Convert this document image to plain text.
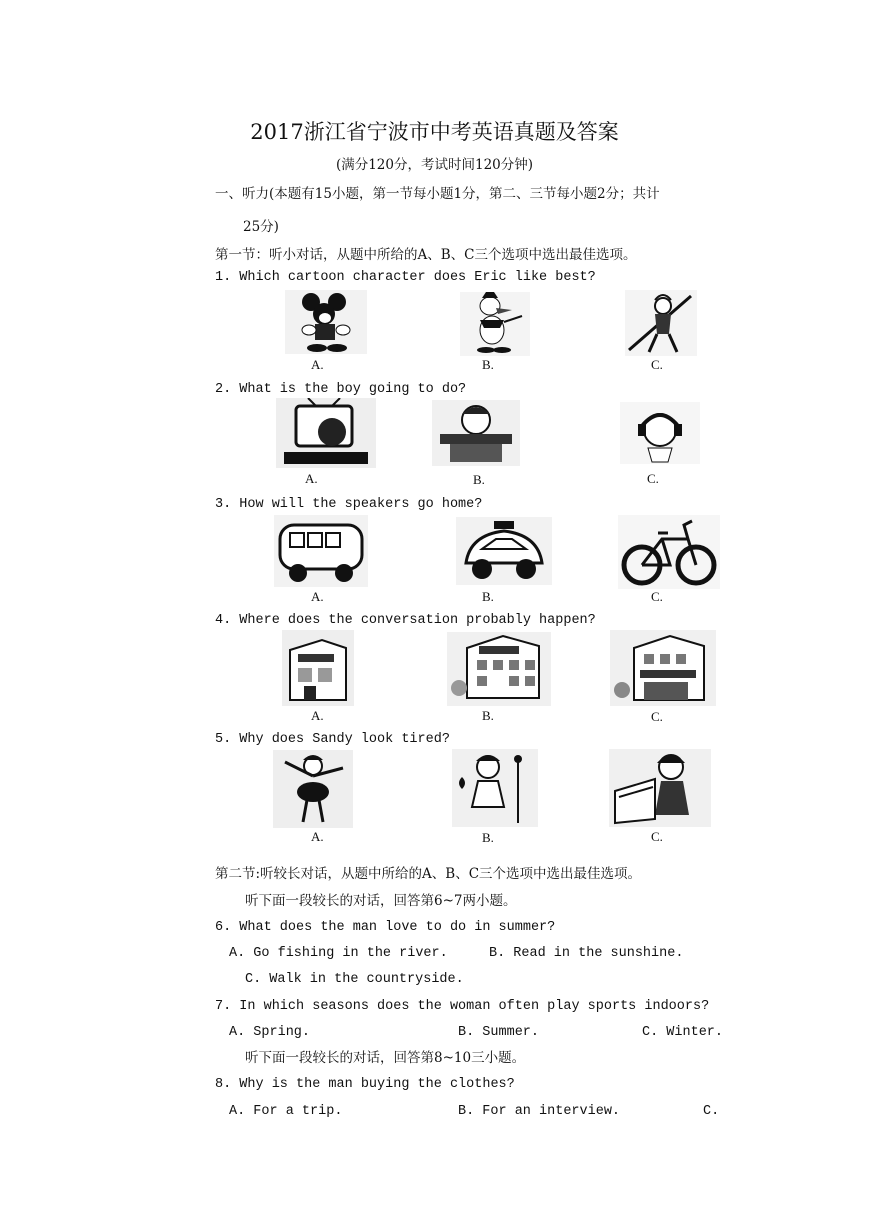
2017浙江省宁波市中考英语真题及答案
(满分120分，考试时间120分钟)
一、听力(本题有15小题，第一节每小题1分，第二、三节每小题2分；共计
25分)
第一节：听小对话，从题中所给的A、B、C三个选项中选出最佳选项。
1. Which cartoon character does Eric like best?
A.	B.	C.
2. What is the boy going to do?
A.	B.	C.
3. How will the speakers go home?
A.	B.	C.
4. Where does the conversation probably happen?
A.	B.	C.
5. Why does Sandy look tired?
A.	B.	C.
第二节:听较长对话，从题中所给的A、B、C三个选项中选出最佳选项。
听下面一段较长的对话，回答第6~7两小题。
6. What does the man love to do in summer?
A. Go fishing in the river.	B. Read in the sunshine.
C. Walk in the countryside.
7. In which seasons does the woman often play sports indoors?
A. Spring.	B. Summer.	C. Winter.
听下面一段较长的对话，回答第8~10三小题。
8. Why is the man buying the clothes?
A. For a trip.	B. For an interview.	C.
